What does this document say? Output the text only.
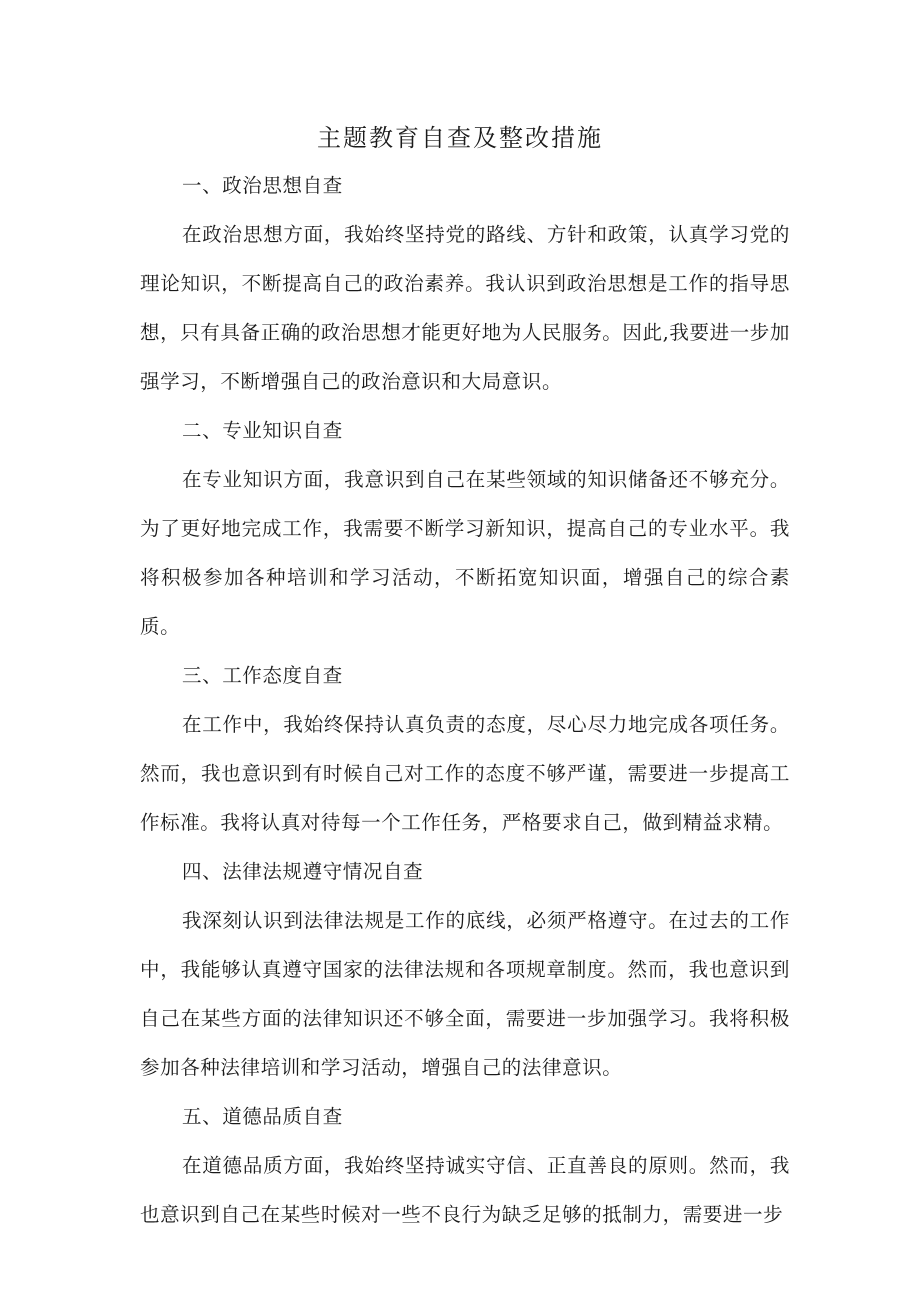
主题教育自查及整改措施

一、政治思想自查

在政治思想方面，我始终坚持党的路线、方针和政策，认真学习党的理论知识，不断提高自己的政治素养。我认识到政治思想是工作的指导思想，只有具备正确的政治思想才能更好地为人民服务。因此,我要进一步加强学习，不断增强自己的政治意识和大局意识。

二、专业知识自查

在专业知识方面，我意识到自己在某些领域的知识储备还不够充分。为了更好地完成工作，我需要不断学习新知识，提高自己的专业水平。我将积极参加各种培训和学习活动，不断拓宽知识面，增强自己的综合素质。

三、工作态度自查

在工作中，我始终保持认真负责的态度，尽心尽力地完成各项任务。然而，我也意识到有时候自己对工作的态度不够严谨，需要进一步提高工作标准。我将认真对待每一个工作任务，严格要求自己，做到精益求精。

四、法律法规遵守情况自查

我深刻认识到法律法规是工作的底线，必须严格遵守。在过去的工作中，我能够认真遵守国家的法律法规和各项规章制度。然而，我也意识到自己在某些方面的法律知识还不够全面，需要进一步加强学习。我将积极参加各种法律培训和学习活动，增强自己的法律意识。

五、道德品质自查

在道德品质方面，我始终坚持诚实守信、正直善良的原则。然而，我也意识到自己在某些时候对一些不良行为缺乏足够的抵制力，需要进一步
